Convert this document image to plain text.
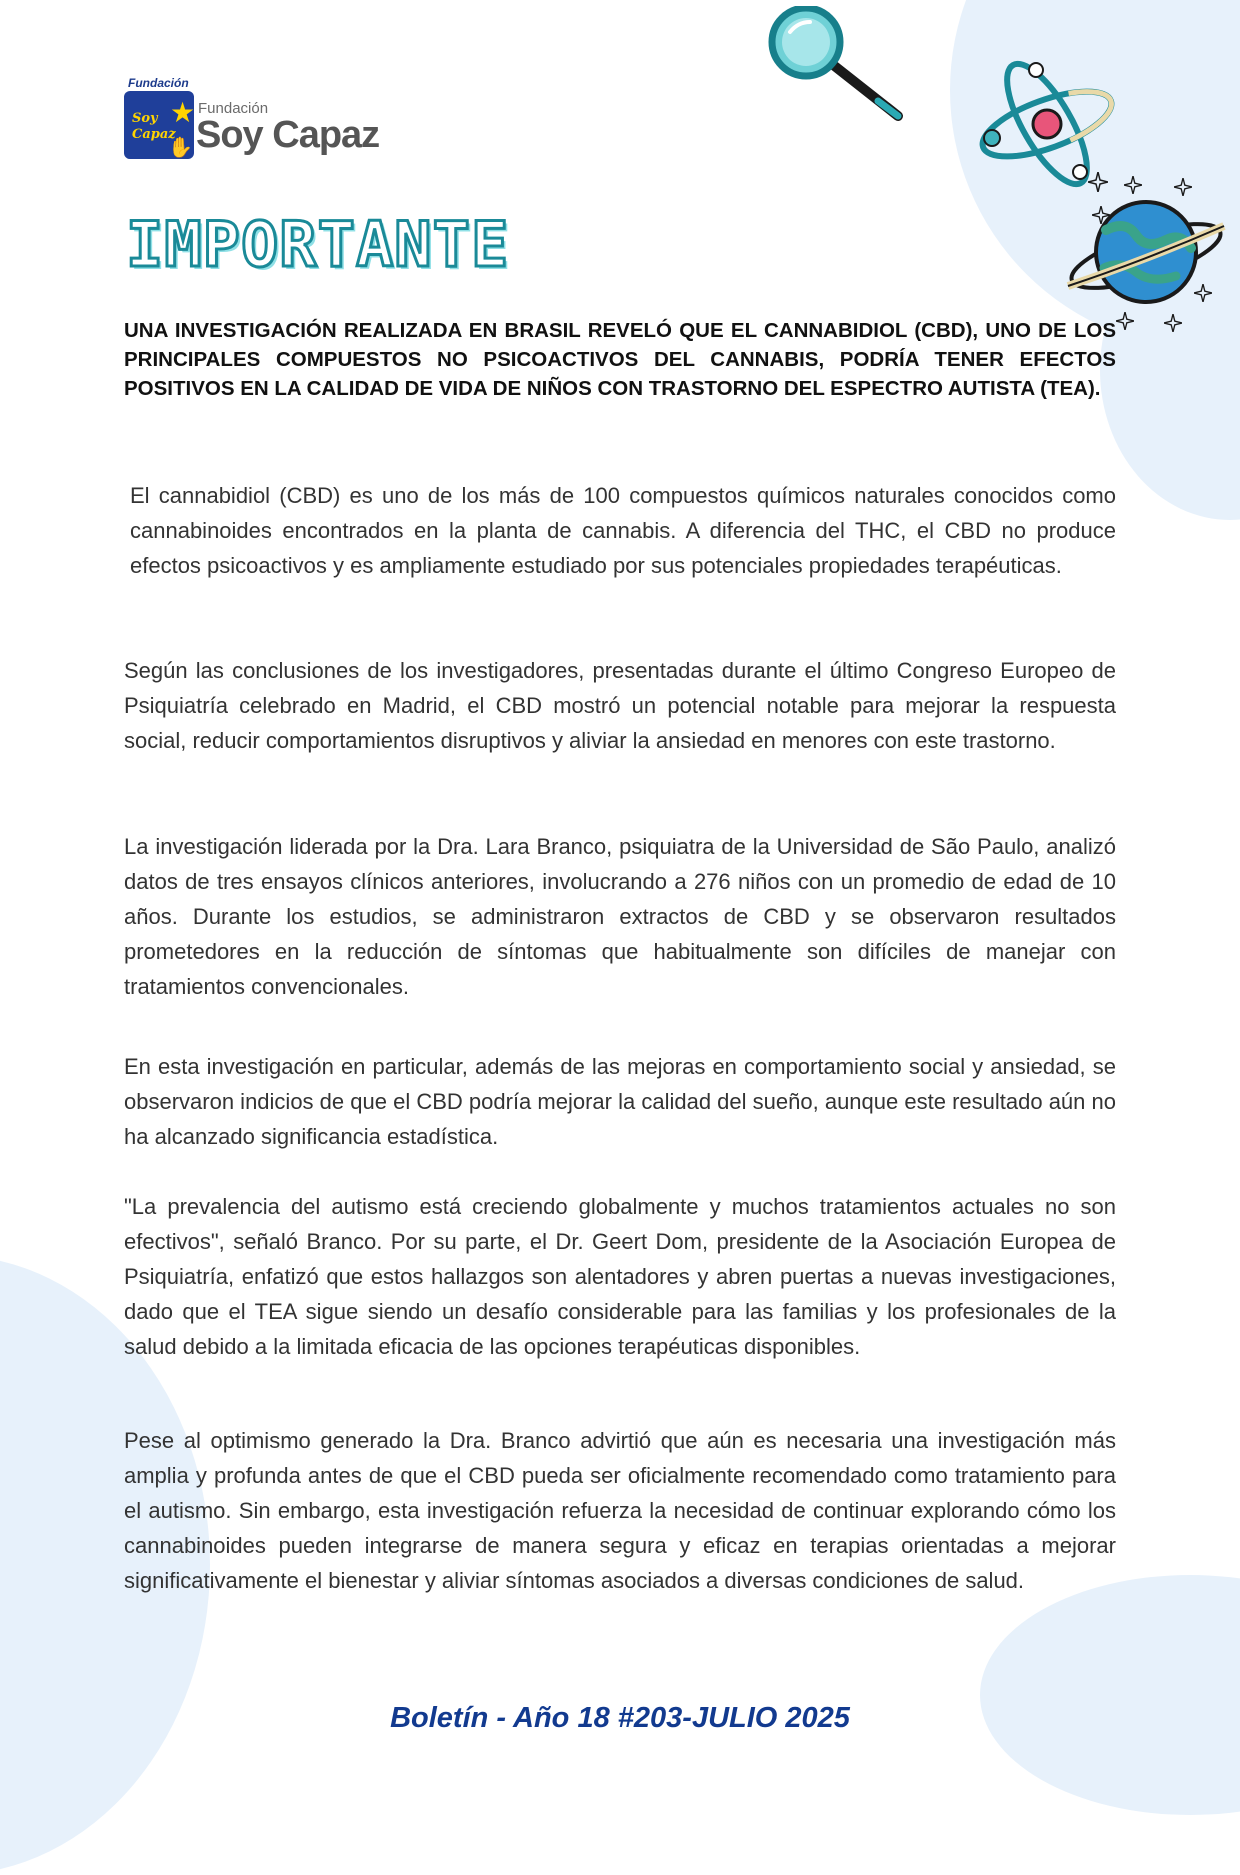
Fundación
★
Soy
Capaz
✋
Fundación
Soy Capaz
IMPORTANTE

UNA INVESTIGACIÓN REALIZADA EN BRASIL REVELÓ QUE EL CANNABIDIOL (CBD), UNO DE LOS PRINCIPALES COMPUESTOS NO PSICOACTIVOS DEL CANNABIS, PODRÍA TENER EFECTOS POSITIVOS EN LA CALIDAD DE VIDA DE NIÑOS CON TRASTORNO DEL ESPECTRO AUTISTA (TEA).

El cannabidiol (CBD) es uno de los más de 100 compuestos químicos naturales conocidos como cannabinoides encontrados en la planta de cannabis. A diferencia del THC, el CBD no produce efectos psicoactivos y es ampliamente estudiado por sus potenciales propiedades terapéuticas.

Según las conclusiones de los investigadores, presentadas durante el último Congreso Europeo de Psiquiatría celebrado en Madrid, el CBD mostró un potencial notable para mejorar la respuesta social, reducir comportamientos disruptivos y aliviar la ansiedad en menores con este trastorno.

La investigación liderada por la Dra. Lara Branco, psiquiatra de la Universidad de São Paulo, analizó datos de tres ensayos clínicos anteriores, involucrando a 276 niños con un promedio de edad de 10 años. Durante los estudios, se administraron extractos de CBD y se observaron resultados prometedores en la reducción de síntomas que habitualmente son difíciles de manejar con tratamientos convencionales.

En esta investigación en particular, además de las mejoras en comportamiento social y ansiedad, se observaron indicios de que el CBD podría mejorar la calidad del sueño, aunque este resultado aún no ha alcanzado significancia estadística.

"La prevalencia del autismo está creciendo globalmente y muchos tratamientos actuales no son efectivos", señaló Branco. Por su parte, el Dr. Geert Dom, presidente de la Asociación Europea de Psiquiatría, enfatizó que estos hallazgos son alentadores y abren puertas a nuevas investigaciones, dado que el TEA sigue siendo un desafío considerable para las familias y los profesionales de la salud debido a la limitada eficacia de las opciones terapéuticas disponibles.

Pese al optimismo generado la Dra. Branco advirtió que aún es necesaria una investigación más amplia y profunda antes de que el CBD pueda ser oficialmente recomendado como tratamiento para el autismo. Sin embargo, esta investigación refuerza la necesidad de continuar explorando cómo los cannabinoides pueden integrarse de manera segura y eficaz en terapias orientadas a mejorar significativamente el bienestar y aliviar síntomas asociados a diversas condiciones de salud.

Boletín - Año 18 #203-JULIO 2025
